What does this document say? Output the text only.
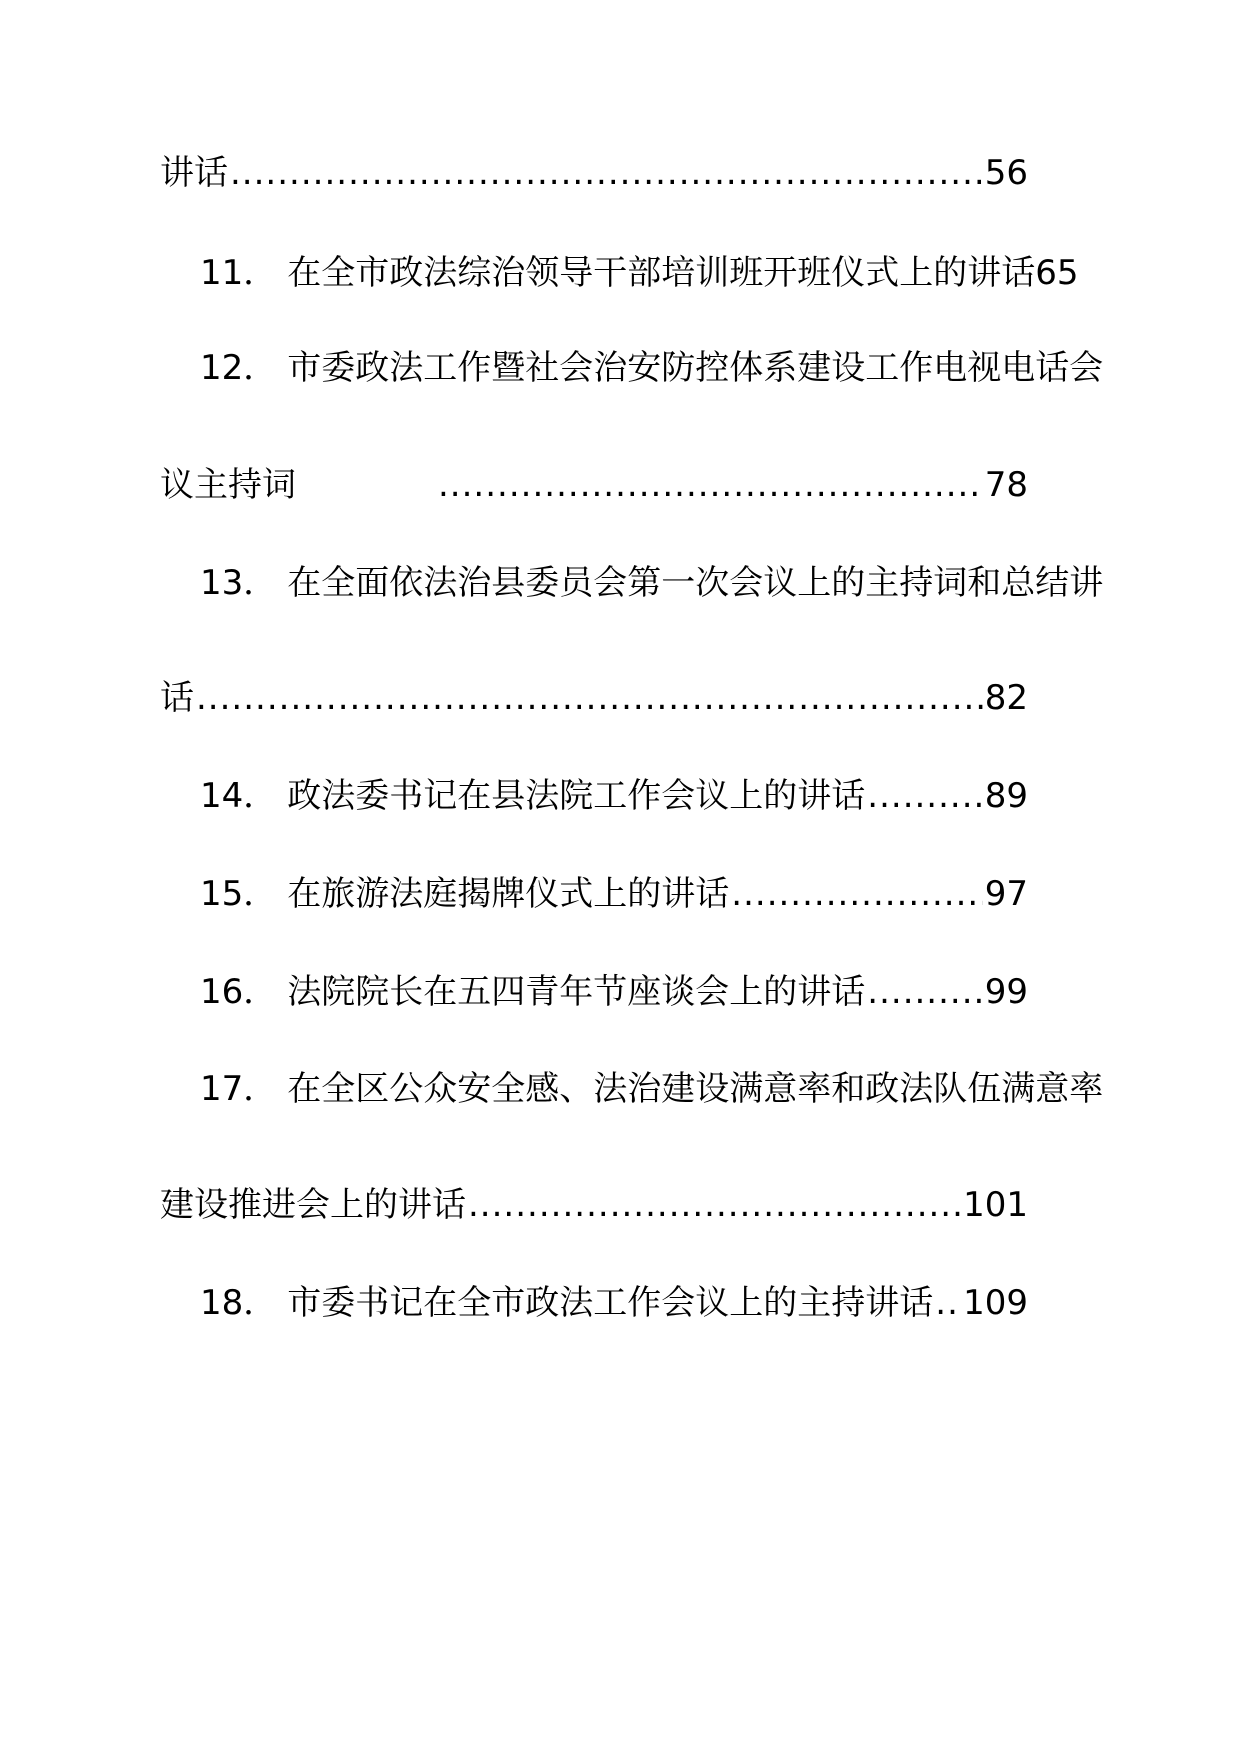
讲话 .....	56
11． 在全市政法综治领导干部培训班开班仪式上的讲话 65
12． 市委政法工作暨社会治安防控体系建设工作电视电话会
议主持词 .....	78
13． 在全面依法治县委员会第一次会议上的主持词和总结讲
话 .....	82
14． 政法委书记在县法院工作会议上的讲话 .....	89
15． 在旅游法庭揭牌仪式上的讲话 .....	97
16． 法院院长在五四青年节座谈会上的讲话 .....	99
17． 在全区公众安全感、法治建设满意率和政法队伍满意率
建设推进会上的讲话 .....	101
18． 市委书记在全市政法工作会议上的主持讲话 ..... 109
